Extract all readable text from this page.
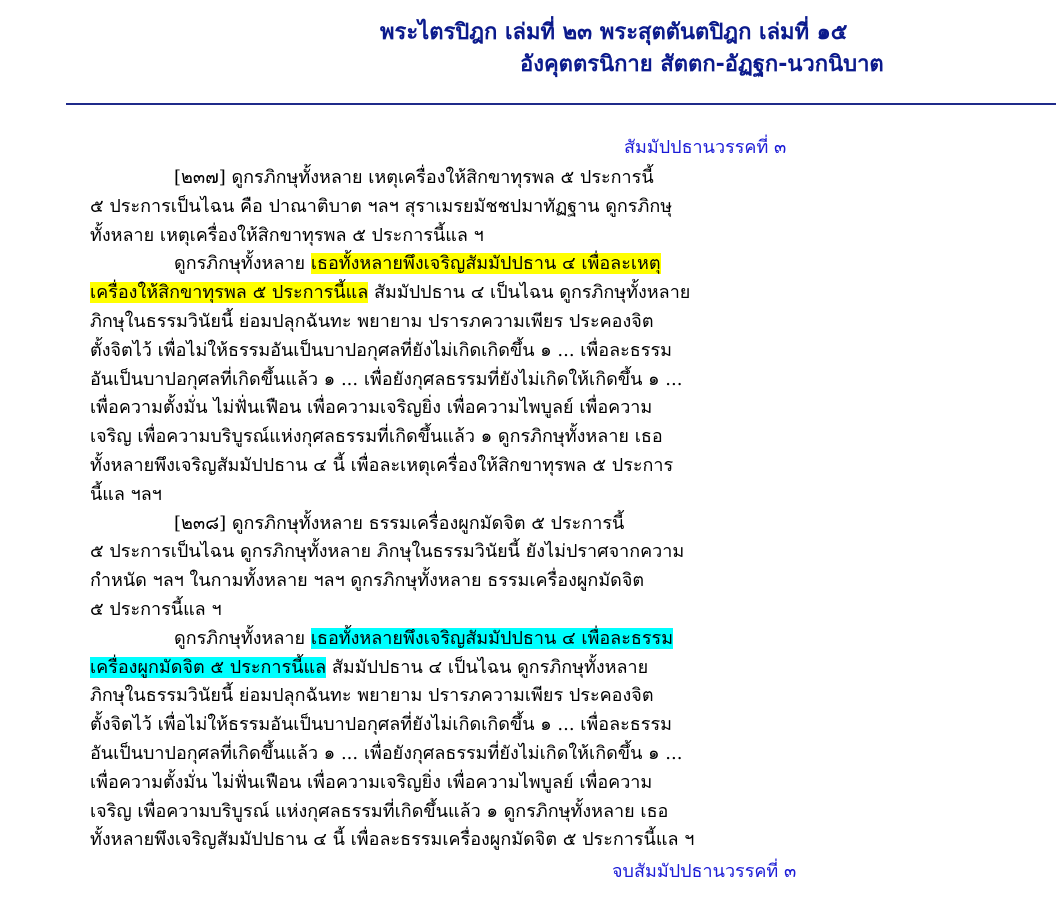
พระไตรปิฎก เล่มที่ ๒๓ พระสุตตันตปิฎก เล่มที่ ๑๕
อังคุตตรนิกาย สัตตก-อัฏฐก-นวกนิบาต
สัมมัปปธานวรรคที่ ๓
[๒๓๗] ดูกรภิกษุทั้งหลาย เหตุเครื่องให้สิกขาทุรพล ๕ ประการนี้
๕ ประการเป็นไฉน คือ ปาณาติบาต ฯลฯ สุราเมรยมัชชปมาทัฏฐาน ดูกรภิกษุ
ทั้งหลาย เหตุเครื่องให้สิกขาทุรพล ๕ ประการนี้แล ฯ
ดูกรภิกษุทั้งหลาย เธอทั้งหลายพึงเจริญสัมมัปปธาน ๔ เพื่อละเหตุ
เครื่องให้สิกขาทุรพล ๕ ประการนี้แล สัมมัปปธาน ๔ เป็นไฉน ดูกรภิกษุทั้งหลาย
ภิกษุในธรรมวินัยนี้ ย่อมปลุกฉันทะ พยายาม ปรารภความเพียร ประคองจิต
ตั้งจิตไว้ เพื่อไม่ให้ธรรมอันเป็นบาปอกุศลที่ยังไม่เกิดเกิดขึ้น ๑ ... เพื่อละธรรม
อันเป็นบาปอกุศลที่เกิดขึ้นแล้ว ๑ ... เพื่อยังกุศลธรรมที่ยังไม่เกิดให้เกิดขึ้น ๑ ...
เพื่อความตั้งมั่น ไม่ฟั่นเฟือน เพื่อความเจริญยิ่ง เพื่อความไพบูลย์ เพื่อความ
เจริญ เพื่อความบริบูรณ์แห่งกุศลธรรมที่เกิดขึ้นแล้ว ๑ ดูกรภิกษุทั้งหลาย เธอ
ทั้งหลายพึงเจริญสัมมัปปธาน ๔ นี้ เพื่อละเหตุเครื่องให้สิกขาทุรพล ๕ ประการ
นี้แล ฯลฯ
[๒๓๘] ดูกรภิกษุทั้งหลาย ธรรมเครื่องผูกมัดจิต ๕ ประการนี้
๕ ประการเป็นไฉน ดูกรภิกษุทั้งหลาย ภิกษุในธรรมวินัยนี้ ยังไม่ปราศจากความ
กำหนัด ฯลฯ ในกามทั้งหลาย ฯลฯ ดูกรภิกษุทั้งหลาย ธรรมเครื่องผูกมัดจิต
๕ ประการนี้แล ฯ
ดูกรภิกษุทั้งหลาย เธอทั้งหลายพึงเจริญสัมมัปปธาน ๔ เพื่อละธรรม
เครื่องผูกมัดจิต ๕ ประการนี้แล สัมมัปปธาน ๔ เป็นไฉน ดูกรภิกษุทั้งหลาย
ภิกษุในธรรมวินัยนี้ ย่อมปลุกฉันทะ พยายาม ปรารภความเพียร ประคองจิต
ตั้งจิตไว้ เพื่อไม่ให้ธรรมอันเป็นบาปอกุศลที่ยังไม่เกิดเกิดขึ้น ๑ ... เพื่อละธรรม
อันเป็นบาปอกุศลที่เกิดขึ้นแล้ว ๑ ... เพื่อยังกุศลธรรมที่ยังไม่เกิดให้เกิดขึ้น ๑ ...
เพื่อความตั้งมั่น ไม่ฟั่นเฟือน เพื่อความเจริญยิ่ง เพื่อความไพบูลย์ เพื่อความ
เจริญ เพื่อความบริบูรณ์ แห่งกุศลธรรมที่เกิดขึ้นแล้ว ๑ ดูกรภิกษุทั้งหลาย เธอ
ทั้งหลายพึงเจริญสัมมัปปธาน ๔ นี้ เพื่อละธรรมเครื่องผูกมัดจิต ๕ ประการนี้แล ฯ
จบสัมมัปปธานวรรคที่ ๓
